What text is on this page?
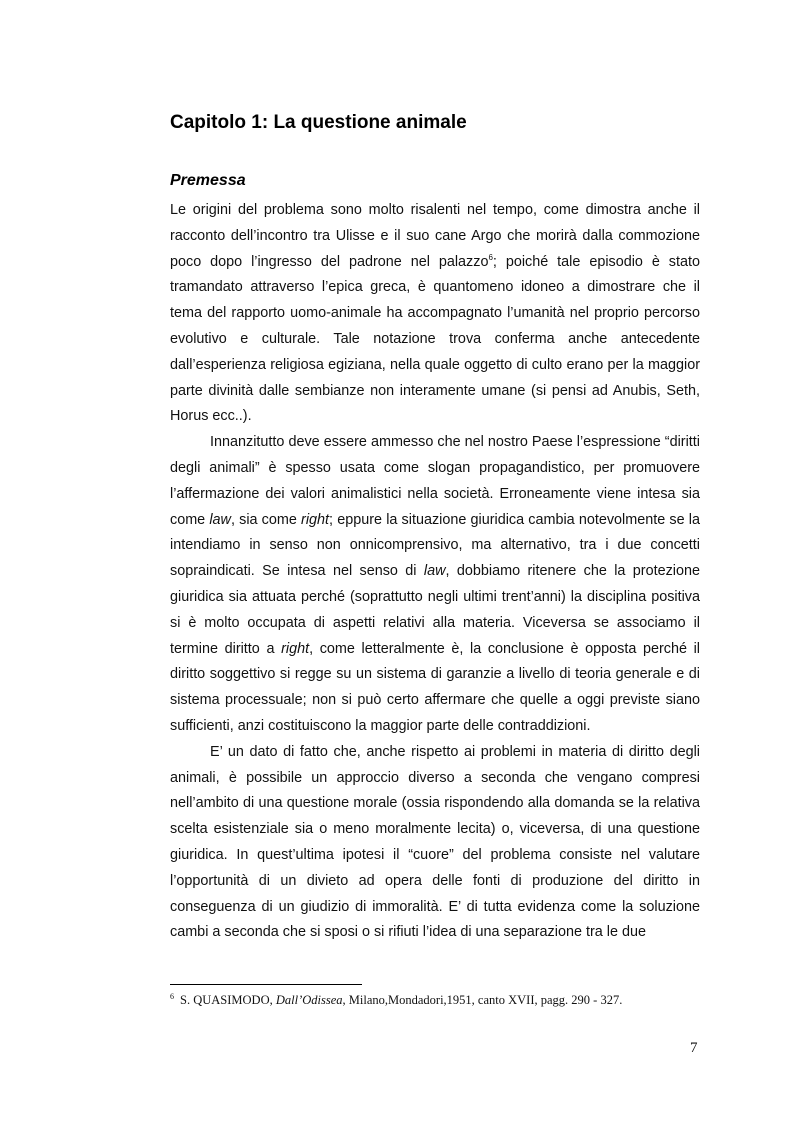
Capitolo 1: La questione animale
Premessa

Le origini del problema sono molto risalenti nel tempo, come dimostra anche il racconto dell’incontro tra Ulisse e il suo cane Argo che morirà dalla commozione poco dopo l’ingresso del padrone nel palazzo$^6$; poiché tale episodio è stato tramandato attraverso l’epica greca, è quantomeno idoneo a dimostrare che il tema del rapporto uomo-animale ha accompagnato l’umanità nel proprio percorso evolutivo e culturale. Tale notazione trova conferma anche antecedente dall’esperienza religiosa egiziana, nella quale oggetto di culto erano per la maggior parte divinità dalle sembianze non interamente umane (si pensi ad Anubis, Seth, Horus ecc..).

Innanzitutto deve essere ammesso che nel nostro Paese l’espressione “diritti degli animali” è spesso usata come slogan propagandistico, per promuovere l’affermazione dei valori animalistici nella società. Erroneamente viene intesa sia come law, sia come right; eppure la situazione giuridica cambia notevolmente se la intendiamo in senso non onnicomprensivo, ma alternativo, tra i due concetti sopraindicati. Se intesa nel senso di law, dobbiamo ritenere che la protezione giuridica sia attuata perché (soprattutto negli ultimi trent’anni) la disciplina positiva si è molto occupata di aspetti relativi alla materia. Viceversa se associamo il termine diritto a right, come letteralmente è, la conclusione è opposta perché il diritto soggettivo si regge su un sistema di garanzie a livello di teoria generale e di sistema processuale; non si può certo affermare che quelle a oggi previste siano sufficienti, anzi costituiscono la maggior parte delle contraddizioni.

E’ un dato di fatto che, anche rispetto ai problemi in materia di diritto degli animali, è possibile un approccio diverso a seconda che vengano compresi nell’ambito di una questione morale (ossia rispondendo alla domanda se la relativa scelta esistenziale sia o meno moralmente lecita) o, viceversa, di una questione giuridica. In quest’ultima ipotesi il “cuore” del problema consiste nel valutare l’opportunità di un divieto ad opera delle fonti di produzione del diritto in conseguenza di un giudizio di immoralità. E’ di tutta evidenza come la soluzione cambi a seconda che si sposi o si rifiuti l’idea di una separazione tra le due

$^6$ S. QUASIMODO, Dall’Odissea, Milano,Mondadori,1951, canto XVII, pagg. 290 - 327.
7
